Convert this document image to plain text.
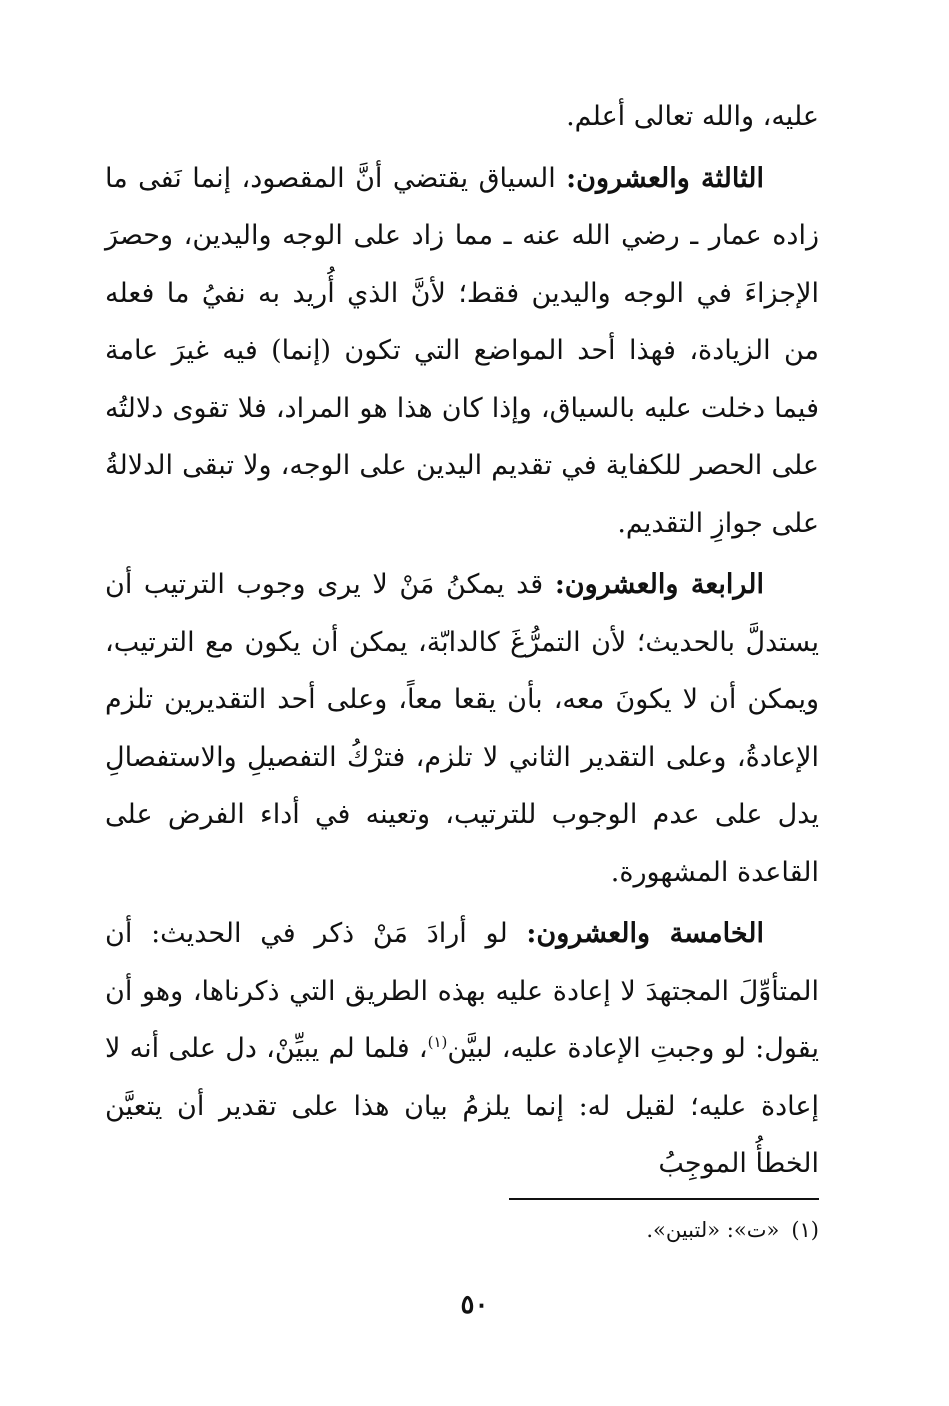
عليه، والله تعالى أعلم.

الثالثة والعشرون: السياق يقتضي أنَّ المقصود، إنما نَفى ما زاده عمار ـ رضي الله عنه ـ مما زاد على الوجه واليدين، وحصرَ الإجزاءَ في الوجه واليدين فقط؛ لأنَّ الذي أُريد به نفيُ ما فعله من الزيادة، فهذا أحد المواضع التي تكون (إنما) فيه غيرَ عامة فيما دخلت عليه بالسياق، وإذا كان هذا هو المراد، فلا تقوى دلالتُه على الحصر للكفاية في تقديم اليدين على الوجه، ولا تبقى الدلالةُ على جوازِ التقديم.

الرابعة والعشرون: قد يمكنُ مَنْ لا يرى وجوب الترتيب أن يستدلَّ بالحديث؛ لأن التمرُّغَ كالدابّة، يمكن أن يكون مع الترتيب، ويمكن أن لا يكونَ معه، بأن يقعا معاً، وعلى أحد التقديرين تلزم الإعادةُ، وعلى التقدير الثاني لا تلزم، فترْكُ التفصيلِ والاستفصالِ يدل على عدم الوجوب للترتيب، وتعينه في أداء الفرض على القاعدة المشهورة.

الخامسة والعشرون: لو أرادَ مَنْ ذكر في الحديث: أن المتأوِّلَ المجتهدَ لا إعادة عليه بهذه الطريق التي ذكرناها، وهو أن يقول: لو وجبتِ الإعادة عليه، لبيَّن$^{(١)}$، فلما لم يبيِّنْ، دل على أنه لا إعادة عليه؛ لقيل له: إنما يلزمُ بيان هذا على تقدير أن يتعيَّن الخطأُ الموجِبُ

(١)«ت»: «لتبين».
٥٠
